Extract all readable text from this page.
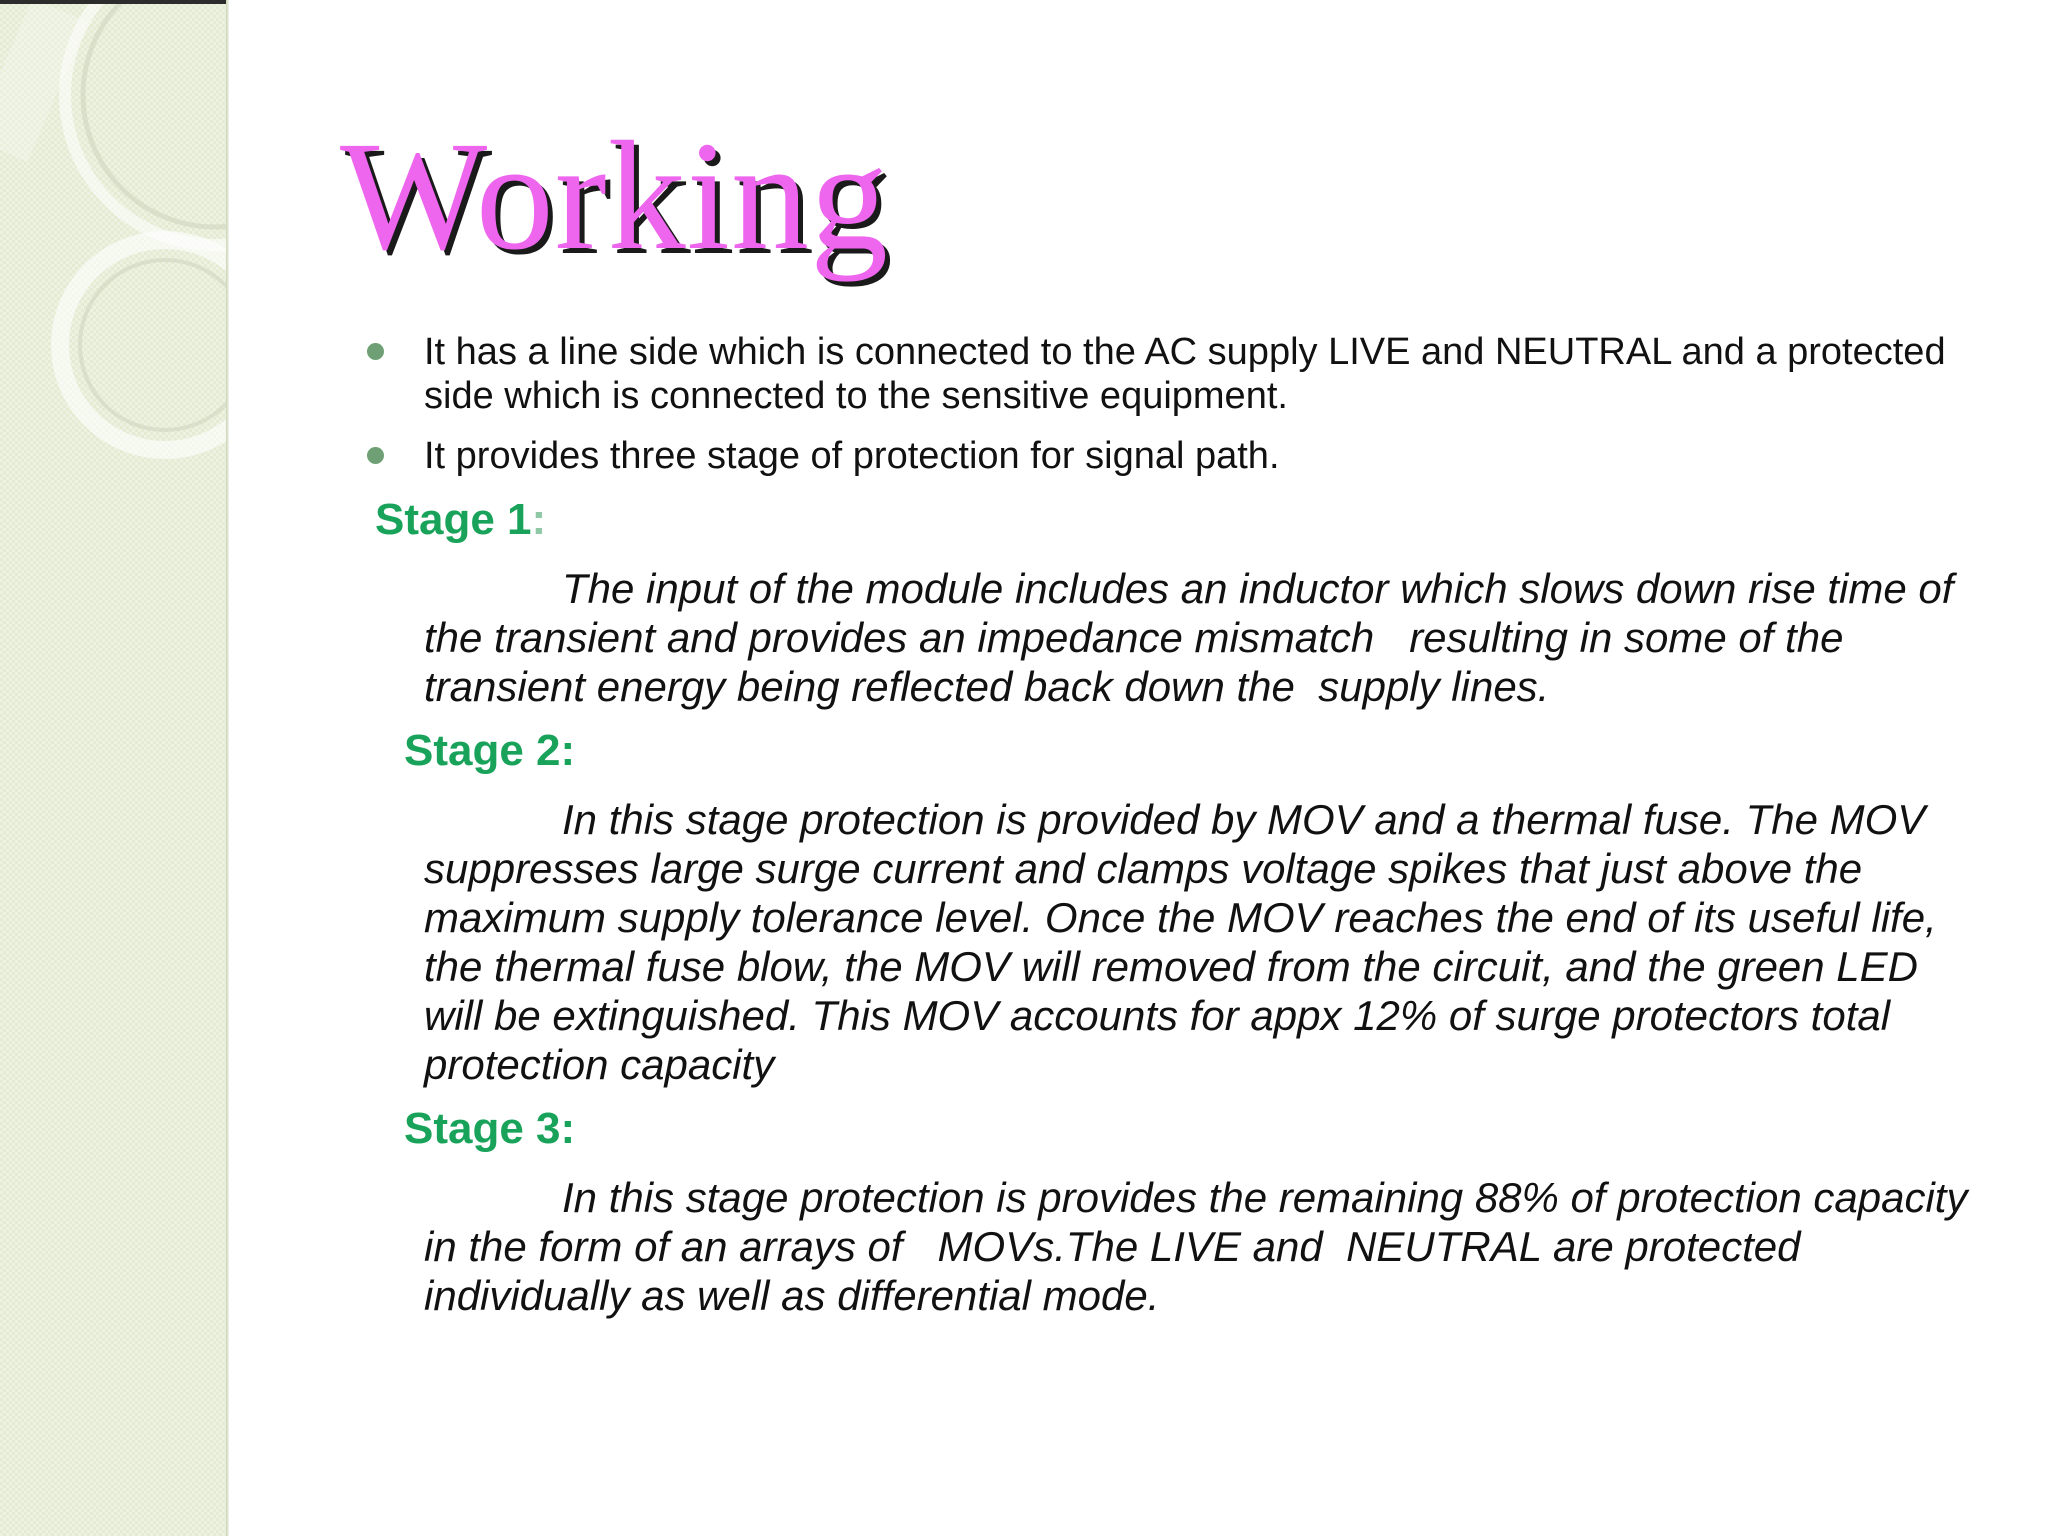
Working
It has a line side which is connected to the AC supply LIVE and NEUTRAL and a protected side which is connected to the sensitive equipment.
It provides three stage of protection for signal path.
Stage 1:

The input of the module includes an inductor which slows down rise time of the transient and provides an impedance mismatch   resulting in some of the transient energy being reflected back down the  supply lines.

Stage 2:

In this stage protection is provided by MOV and a thermal fuse. The MOV suppresses large surge current and clamps voltage spikes that just above the maximum supply tolerance level. Once the MOV reaches the end of its useful life, the thermal fuse blow, the MOV will removed from the circuit, and the green LED will be extinguished. This MOV accounts for appx 12% of surge protectors total protection capacity

Stage 3:

In this stage protection is provides the remaining 88% of protection capacity in the form of an arrays of   MOVs.The LIVE and  NEUTRAL are protected individually as well as differential mode.
